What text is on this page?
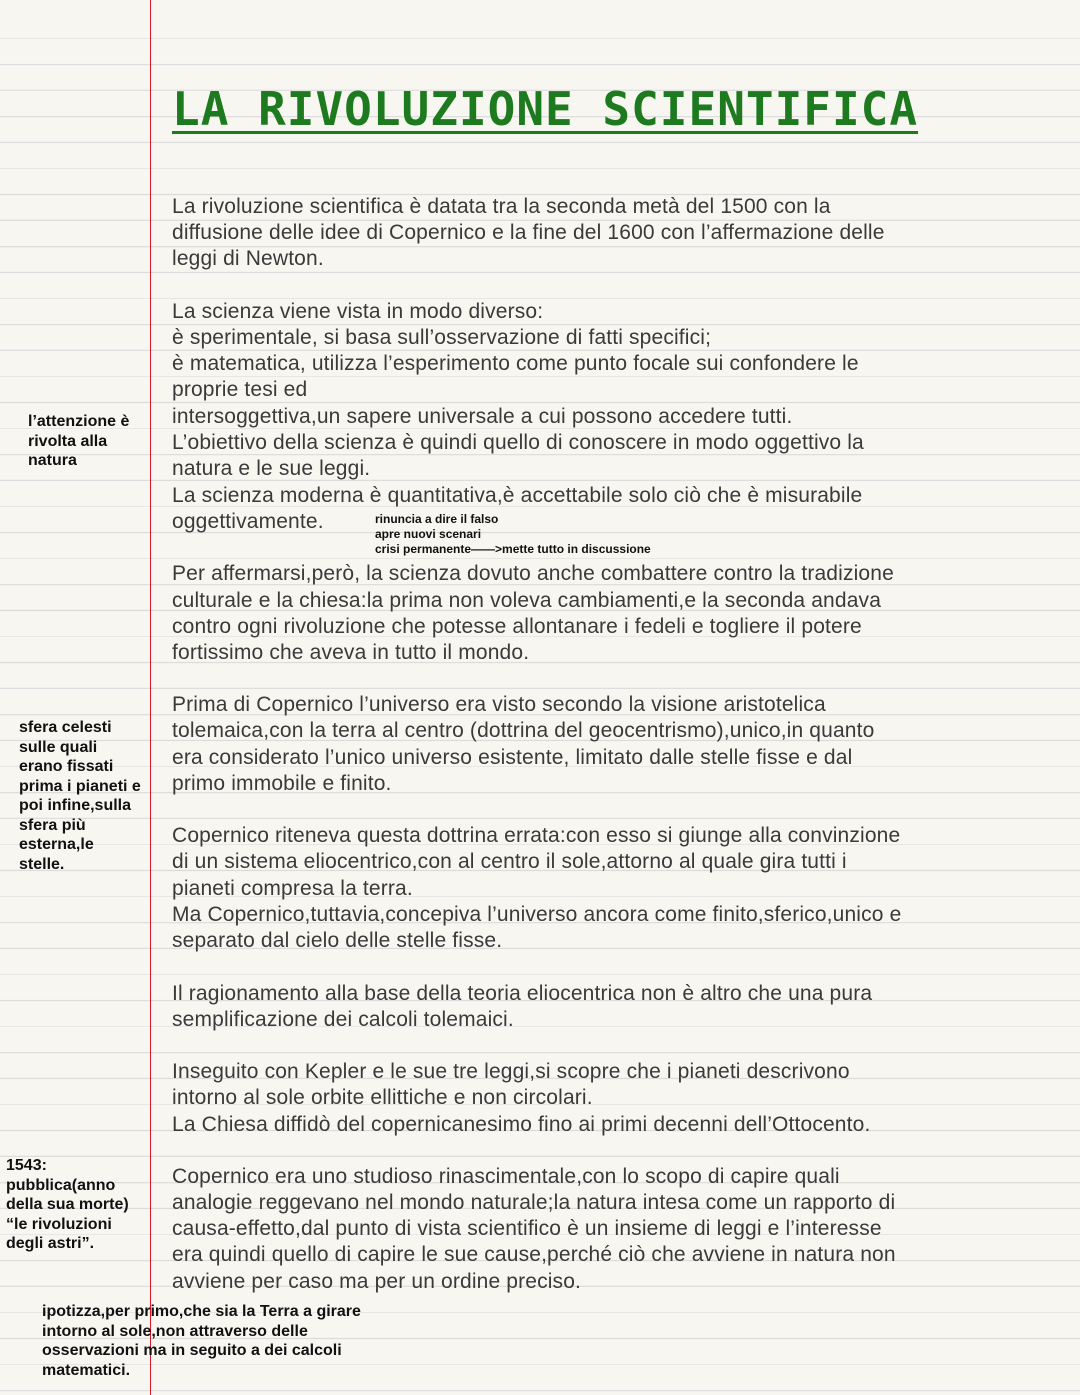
LA RIVOLUZIONE SCIENTIFICA

La rivoluzione scientifica è datata tra la seconda metà del 1500 con la

diffusione delle idee di Copernico e la fine del 1600 con l’affermazione delle

leggi di Newton.

La scienza viene vista in modo diverso:

è sperimentale, si basa sull’osservazione di fatti specifici;

è matematica, utilizza l’esperimento come punto focale sui confondere le

proprie tesi ed

intersoggettiva,un sapere universale a cui possono accedere tutti.

L’obiettivo della scienza è quindi quello di conoscere in modo oggettivo la

natura e le sue leggi.

La scienza moderna è quantitativa,è accettabile solo ciò che è misurabile

oggettivamente.	rinuncia a dire il falso

apre nuovi scenari

crisi permanente——>mette tutto in discussione

Per affermarsi,però, la scienza dovuto anche combattere contro la tradizione

culturale e la chiesa:la prima non voleva cambiamenti,e la seconda andava

contro ogni rivoluzione che potesse allontanare i fedeli e togliere il potere

fortissimo che aveva in tutto il mondo.

Prima di Copernico l’universo era visto secondo la visione aristotelica

tolemaica,con la terra al centro (dottrina del geocentrismo),unico,in quanto

era considerato l’unico universo esistente, limitato dalle stelle fisse e dal

primo immobile e finito.

Copernico riteneva questa dottrina errata:con esso si giunge alla convinzione

di un sistema eliocentrico,con al centro il sole,attorno al quale gira tutti i

pianeti compresa la terra.

Ma Copernico,tuttavia,concepiva l’universo ancora come finito,sferico,unico e

separato dal cielo delle stelle fisse.

Il ragionamento alla base della teoria eliocentrica non è altro che una pura

semplificazione dei calcoli tolemaici.

Inseguito con Kepler e le sue tre leggi,si scopre che i pianeti descrivono

intorno al sole orbite ellittiche e non circolari.

La Chiesa diffidò del copernicanesimo fino ai primi decenni dell’Ottocento.

Copernico era uno studioso rinascimentale,con lo scopo di capire quali

analogie reggevano nel mondo naturale;la natura intesa come un rapporto di

causa-effetto,dal punto di vista scientifico è un insieme di leggi e l’interesse

era quindi quello di capire le sue cause,perché ciò che avviene in natura non

avviene per caso ma per un ordine preciso.

l’attenzione è rivolta alla natura

sfera celesti sulle quali erano fissati prima i pianeti e poi infine,sulla sfera più esterna,le stelle.

1543: pubblica(anno della sua morte) “le rivoluzioni degli astri”.

ipotizza,per primo,che sia la Terra a girare intorno al sole,non attraverso delle osservazioni ma in seguito a dei calcoli matematici.
